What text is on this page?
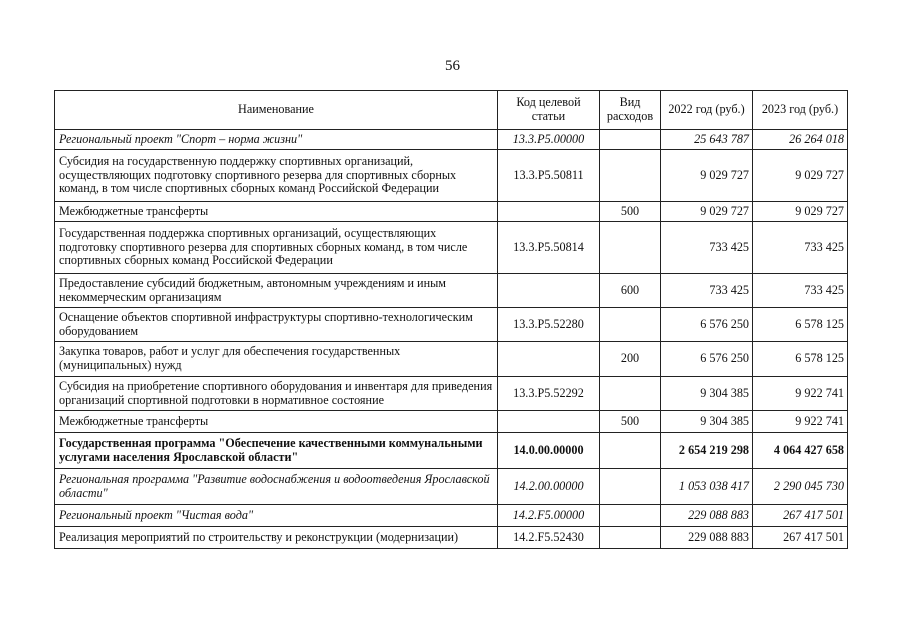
56
Наименование	Код целевой статьи	Вид расходов	2022 год (руб.)	2023 год (руб.)
Региональный проект "Спорт – норма жизни"	13.3.P5.00000		25 643 787	26 264 018
Субсидия на государственную поддержку спортивных организаций, осуществляющих подготовку спортивного резерва для спортивных сборных команд, в том числе спортивных сборных команд Российской Федерации	13.3.P5.50811		9 029 727	9 029 727
Межбюджетные трансферты		500	9 029 727	9 029 727
Государственная поддержка спортивных организаций, осуществляющих подготовку спортивного резерва для спортивных сборных команд, в том числе спортивных сборных команд Российской Федерации	13.3.P5.50814		733 425	733 425
Предоставление субсидий бюджетным, автономным учреждениям и иным некоммерческим организациям		600	733 425	733 425
Оснащение объектов спортивной инфраструктуры спортивно-технологическим оборудованием	13.3.P5.52280		6 576 250	6 578 125
Закупка товаров, работ и услуг для обеспечения государственных (муниципальных) нужд		200	6 576 250	6 578 125
Субсидия на приобретение спортивного оборудования и инвентаря для приведения организаций спортивной подготовки в нормативное состояние	13.3.P5.52292		9 304 385	9 922 741
Межбюджетные трансферты		500	9 304 385	9 922 741
Государственная программа "Обеспечение качественными коммунальными услугами населения Ярославской области"	14.0.00.00000		2 654 219 298	4 064 427 658
Региональная программа "Развитие водоснабжения и водоотведения Ярославской области"	14.2.00.00000		1 053 038 417	2 290 045 730
Региональный проект "Чистая вода"	14.2.F5.00000		229 088 883	267 417 501
Реализация мероприятий по строительству и реконструкции (модернизации)	14.2.F5.52430		229 088 883	267 417 501
